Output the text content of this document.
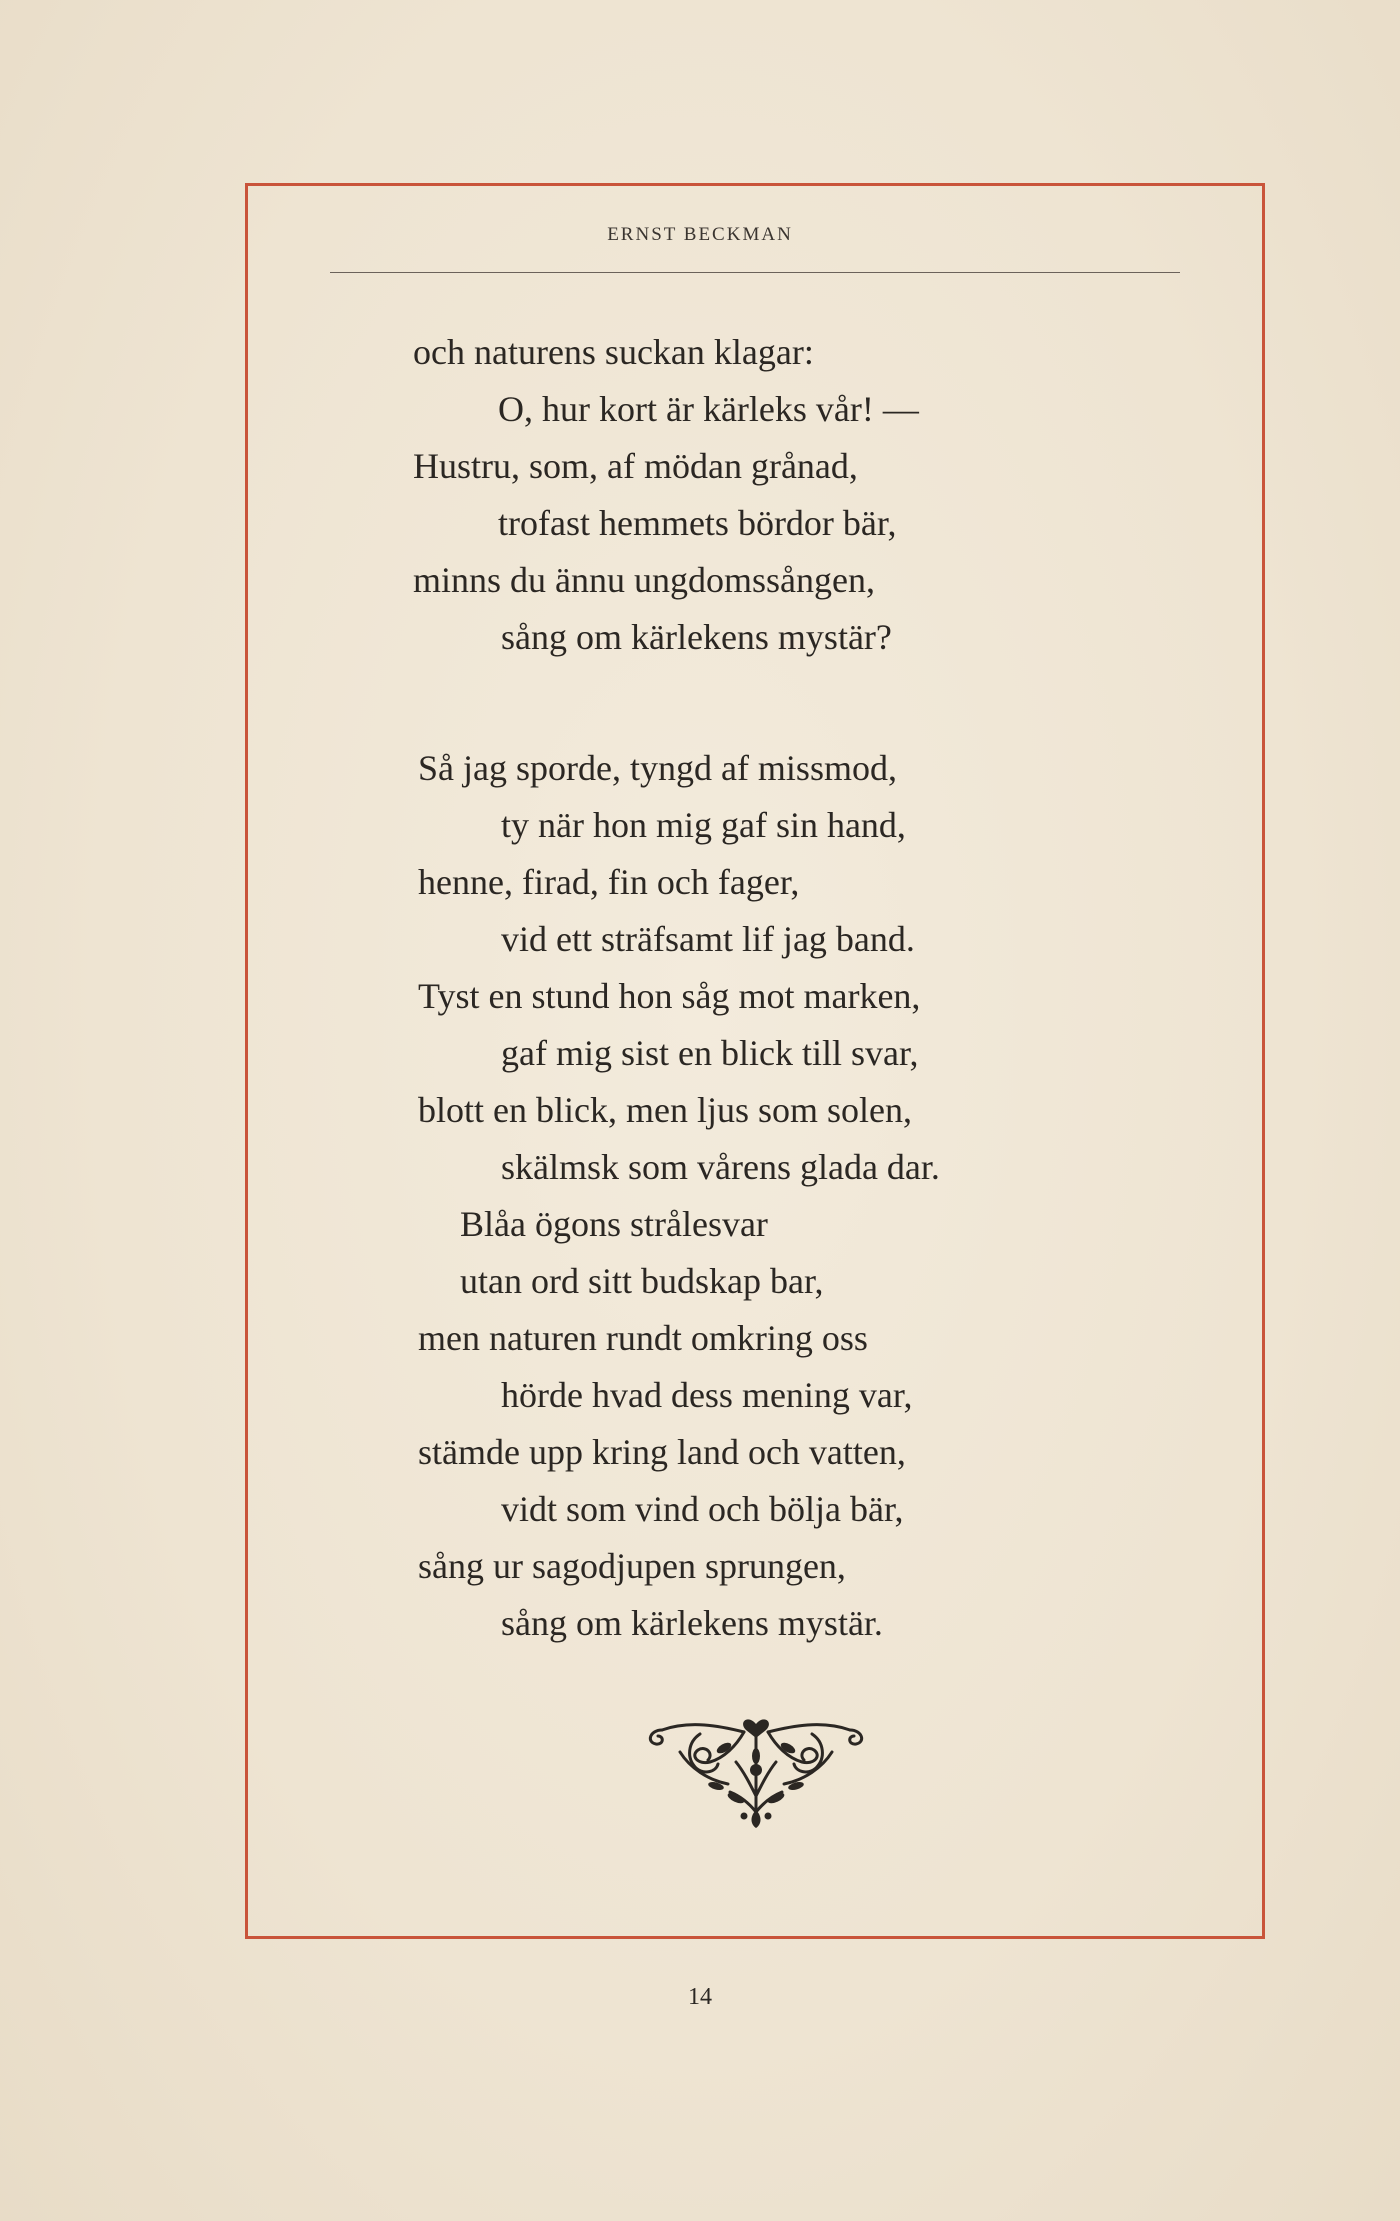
ERNST BECKMAN
och naturens suckan klagar:
O, hur kort är kärleks vår! —
Hustru, som, af mödan grånad,
trofast hemmets bördor bär,
minns du ännu ungdomssången,
sång om kärlekens mystär?
Så jag sporde, tyngd af missmod,
ty när hon mig gaf sin hand,
henne, firad, fin och fager,
vid ett sträfsamt lif jag band.
Tyst en stund hon såg mot marken,
gaf mig sist en blick till svar,
blott en blick, men ljus som solen,
skälmsk som vårens glada dar.
Blåa ögons strålesvar
utan ord sitt budskap bar,
men naturen rundt omkring oss
hörde hvad dess mening var,
stämde upp kring land och vatten,
vidt som vind och bölja bär,
sång ur sagodjupen sprungen,
sång om kärlekens mystär.
14
